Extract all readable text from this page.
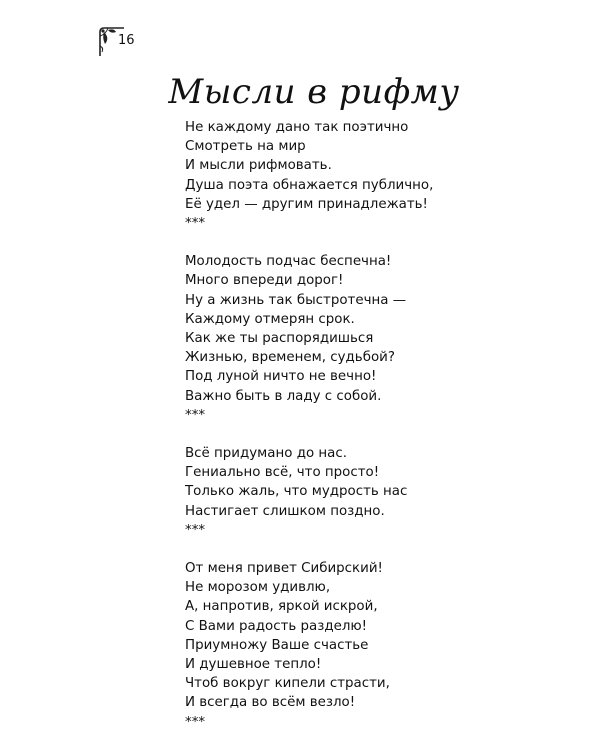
16
Мысли в рифму
Не каждому дано так поэтично
Смотреть на мир
И мысли рифмовать.
Душа поэта обнажается публично,
Её удел — другим принадлежать!
***
Молодость подчас беспечна!
Много впереди дорог!
Ну а жизнь так быстротечна —
Каждому отмерян срок.
Как же ты распорядишься
Жизнью, временем, судьбой?
Под луной ничто не вечно!
Важно быть в ладу с собой.
***
Всё придумано до нас.
Гениально всё, что просто!
Только жаль, что мудрость нас
Настигает слишком поздно.
***
От меня привет Сибирский!
Не морозом удивлю,
А, напротив, яркой искрой,
С Вами радость разделю!
Приумножу Ваше счастье
И душевное тепло!
Чтоб вокруг кипели страсти,
И всегда во всём везло!
***
